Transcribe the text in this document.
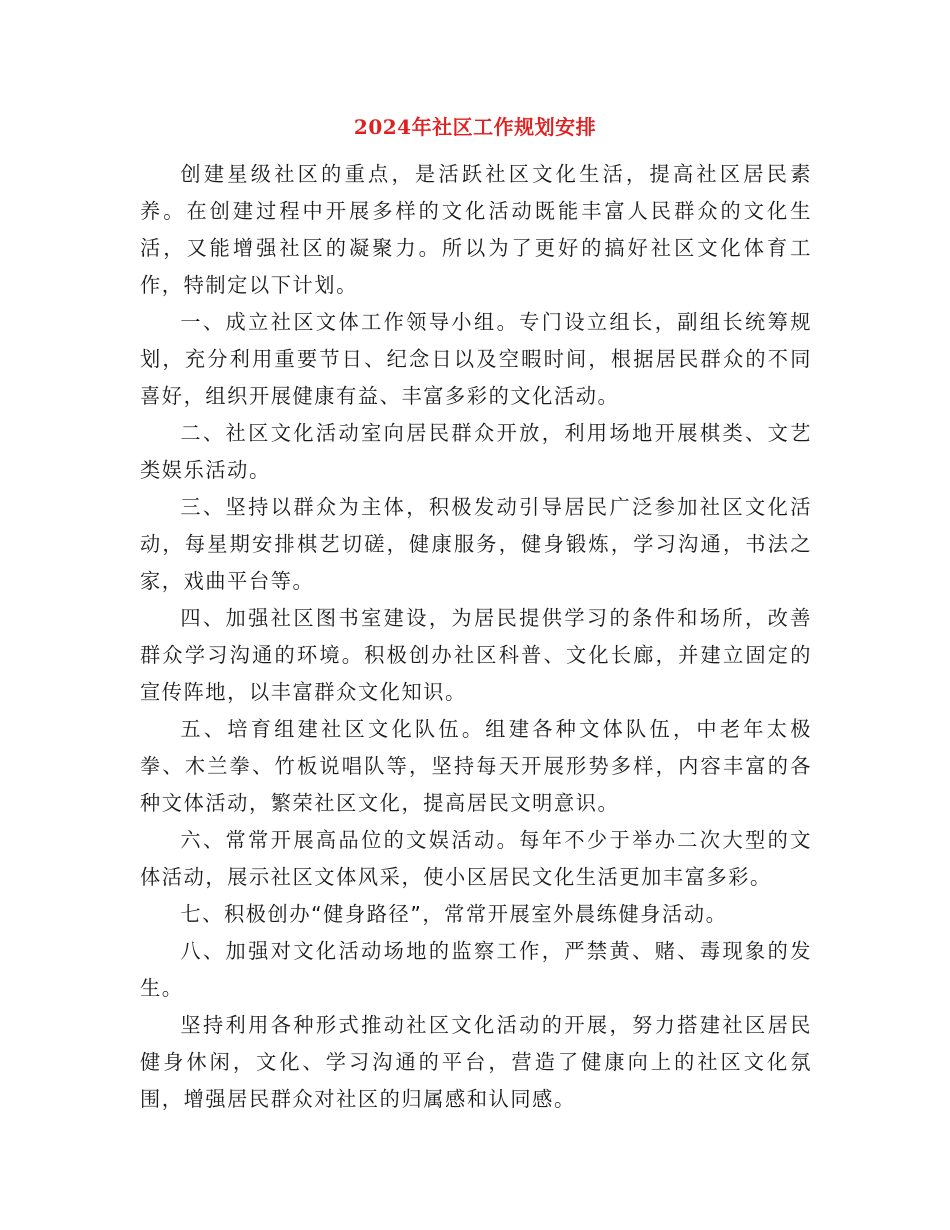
2024年社区工作规划安排

创建星级社区的重点，是活跃社区文化生活，提高社区居民素养。在创建过程中开展多样的文化活动既能丰富人民群众的文化生活，又能增强社区的凝聚力。所以为了更好的搞好社区文化体育工作，特制定以下计划。

一、成立社区文体工作领导小组。专门设立组长，副组长统筹规划，充分利用重要节日、纪念日以及空暇时间，根据居民群众的不同喜好，组织开展健康有益、丰富多彩的文化活动。

二、社区文化活动室向居民群众开放，利用场地开展棋类、文艺类娱乐活动。

三、坚持以群众为主体，积极发动引导居民广泛参加社区文化活动，每星期安排棋艺切磋，健康服务，健身锻炼，学习沟通，书法之家，戏曲平台等。

四、加强社区图书室建设，为居民提供学习的条件和场所，改善群众学习沟通的环境。积极创办社区科普、文化长廊，并建立固定的宣传阵地，以丰富群众文化知识。

五、培育组建社区文化队伍。组建各种文体队伍，中老年太极拳、木兰拳、竹板说唱队等，坚持每天开展形势多样，内容丰富的各种文体活动，繁荣社区文化，提高居民文明意识。

六、常常开展高品位的文娱活动。每年不少于举办二次大型的文体活动，展示社区文体风采，使小区居民文化生活更加丰富多彩。

七、积极创办“健身路径”，常常开展室外晨练健身活动。

八、加强对文化活动场地的监察工作，严禁黄、赌、毒现象的发生。

坚持利用各种形式推动社区文化活动的开展，努力搭建社区居民健身休闲，文化、学习沟通的平台，营造了健康向上的社区文化氛围，增强居民群众对社区的归属感和认同感。
